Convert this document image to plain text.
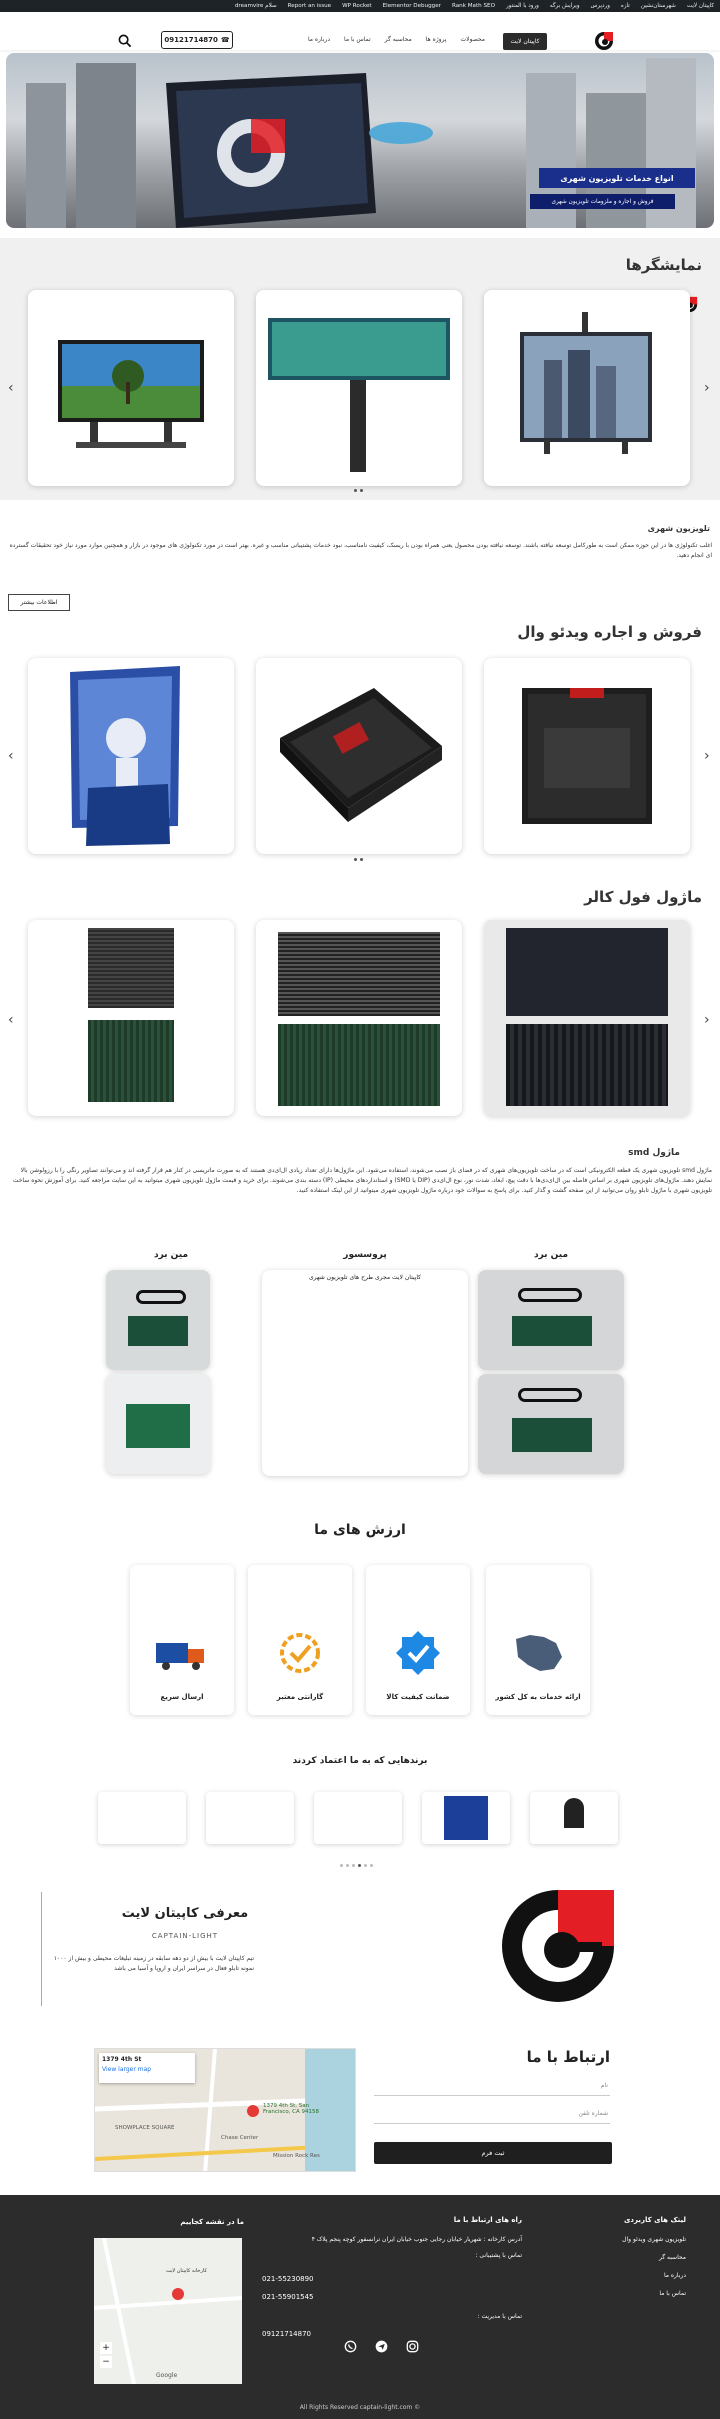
کاپیتان لایت
شهرستان‌نشین
تازه
وردپرس
ویرایش برگه
ورود با المنتور
Rank Math SEO
Elementor Debugger
WP Rocket
Report an issue
سلام dreamvire
کاپیتان لایت
محصولات
پروژه ها
محاسبه گر
تماس با ما
درباره ما
09121714870 ☎
انواع خدمات تلویزیون شهری
فروش و اجاره و ملزومات تلویزیون شهری
نمایشگرها
‹	›
تلویزیون شهری
اغلب تکنولوژی ها در این حوزه ممکن است به طورکامل توسعه نیافته باشند. توسعه نیافته بودن محصول یعنی همراه بودن با ریسک، کیفیت نامناسب، نبود خدمات پشتیبانی مناسب و غیره. بهتر است در مورد تکنولوژی های موجود در بازار و همچنین موارد مورد نیاز خود تحقیقات گسترده ای انجام دهید.
اطلاعات بیشتر
فروش و اجاره ویدئو وال
‹	›
ماژول فول کالر
‹	›
ماژول smd
ماژول smd تلویزیون شهری یک قطعه الکترونیکی است که در ساخت تلویزیون‌های شهری که در فضای باز نصب می‌شوند، استفاده می‌شود. این ماژول‌ها دارای تعداد زیادی ال‌ای‌دی هستند که به صورت ماتریسی در کنار هم قرار گرفته اند و می‌توانند تصاویر رنگی را با رزولوشن بالا نمایش دهند. ماژول‌های تلویزیون شهری بر اساس فاصله بین ال‌ای‌دی‌ها با دقت پیچ، ابعاد، شدت نور، نوع ال‌ای‌دی (DIP یا SMD) و استانداردهای محیطی (IP) دسته بندی می‌شوند. برای خرید و قیمت ماژول تلویزیون شهری میتوانید به این سایت مراجعه کنید. برای آموزش نحوه ساخت تلویزیون شهری با ماژول تابلو روان می‌توانید از این صفحه گشت و گذار کنید. برای پاسخ به سوالات خود درباره ماژول تلویزیون شهری میتوانید از این لینک استفاده کنید.
مین برد	پروسسور	مین برد
کاپیتان لایت مجری طرح های تلویزیون شهری
ارزش های ما
ارسال سریع	گارانتی معتبر	ضمانت کیفیت کالا	ارائه خدمات به کل کشور
برندهایی که به ما اعتماد کردند
معرفی کاپیتان لایت
CAPTAIN-LIGHT
تیم کاپیتان لایت با بیش از دو دهه سابقه در زمینه تبلیغات محیطی و بیش از ۱۰۰۰ نمونه تابلو فعال در سراسر ایران و اروپا و آسیا می باشد
1379 4th St
View larger map
1379 4th St, San Francisco, CA 94158
SHOWPLACE SQUARE
Chase Center
Mission Rock Res
ارتباط با ما
نام
شماره تلفن
ثبت فرم
لینک های کاربردی
تلویزیون شهری ویدئو وال
محاسبه گر
درباره ما
تماس با ما
راه های ارتباط با ما
آدرس کارخانه : شهریار خیابان رجایی جنوب خیابان ایران ترانسفور کوچه پنجم پلاک ۴
تماس با پشتیبانی :
021-55230890
021-55901545
تماس با مدیریت :
09121714870
ما در نقشه کجاییم
کارخانه کاپیتان لایت
+
−
Google
All Rights Reserved captain-light.com ©
